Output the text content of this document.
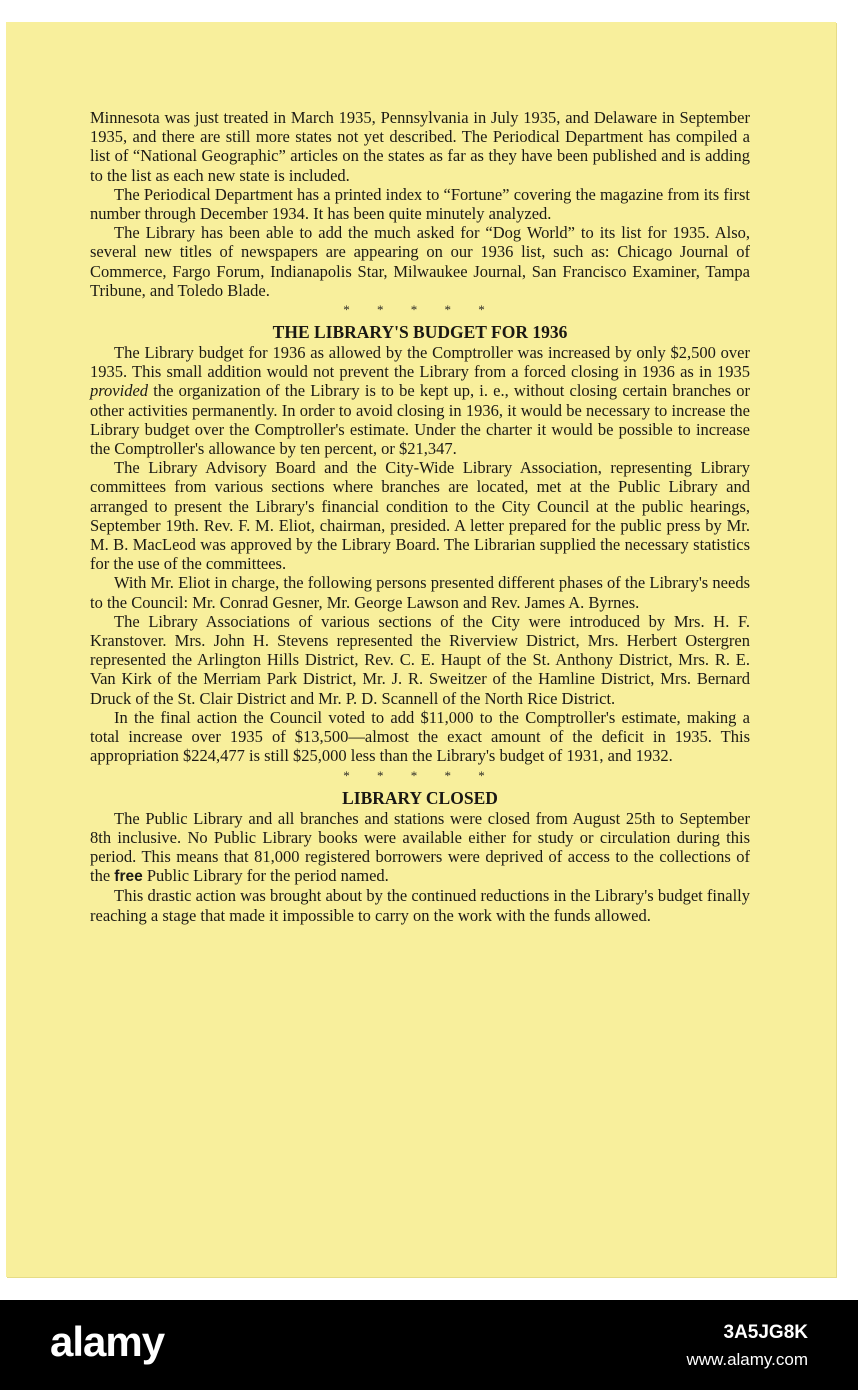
Minnesota was just treated in March 1935, Pennsylvania in July 1935, and Delaware in September 1935, and there are still more states not yet described. The Periodical Department has compiled a list of “National Geographic” articles on the states as far as they have been published and is adding to the list as each new state is included.

The Periodical Department has a printed index to “Fortune” covering the magazine from its first number through December 1934. It has been quite minutely analyzed.

The Library has been able to add the much asked for “Dog World” to its list for 1935. Also, several new titles of newspapers are appearing on our 1936 list, such as: Chicago Journal of Commerce, Fargo Forum, Indianapolis Star, Milwaukee Journal, San Francisco Examiner, Tampa Tribune, and Toledo Blade.

* * * * *
THE LIBRARY'S BUDGET FOR 1936

The Library budget for 1936 as allowed by the Comptroller was increased by only $2,500 over 1935. This small addition would not prevent the Library from a forced closing in 1936 as in 1935 provided the organization of the Library is to be kept up, i. e., without closing certain branches or other activities permanently. In order to avoid closing in 1936, it would be necessary to increase the Library budget over the Comptroller's estimate. Under the charter it would be possible to increase the Comptroller's allowance by ten percent, or $21,347.

The Library Advisory Board and the City-Wide Library Association, representing Library committees from various sections where branches are located, met at the Public Library and arranged to present the Library's financial condition to the City Council at the public hearings, September 19th. Rev. F. M. Eliot, chairman, presided. A letter prepared for the public press by Mr. M. B. MacLeod was approved by the Library Board. The Librarian supplied the necessary statistics for the use of the committees.

With Mr. Eliot in charge, the following persons presented different phases of the Library's needs to the Council: Mr. Conrad Gesner, Mr. George Lawson and Rev. James A. Byrnes.

The Library Associations of various sections of the City were introduced by Mrs. H. F. Kranstover. Mrs. John H. Stevens represented the Riverview District, Mrs. Herbert Ostergren represented the Arlington Hills District, Rev. C. E. Haupt of the St. Anthony District, Mrs. R. E. Van Kirk of the Merriam Park District, Mr. J. R. Sweitzer of the Hamline District, Mrs. Bernard Druck of the St. Clair District and Mr. P. D. Scannell of the North Rice District.

In the final action the Council voted to add $11,000 to the Comptroller's estimate, making a total increase over 1935 of $13,500—almost the exact amount of the deficit in 1935. This appropriation $224,477 is still $25,000 less than the Library's budget of 1931, and 1932.

* * * * *
LIBRARY CLOSED

The Public Library and all branches and stations were closed from August 25th to September 8th inclusive. No Public Library books were available either for study or circulation during this period. This means that 81,000 registered borrowers were deprived of access to the collections of the free Public Library for the period named.

This drastic action was brought about by the continued reductions in the Library's budget finally reaching a stage that made it impossible to carry on the work with the funds allowed.

alamy	3A5JG8K
www.alamy.com
